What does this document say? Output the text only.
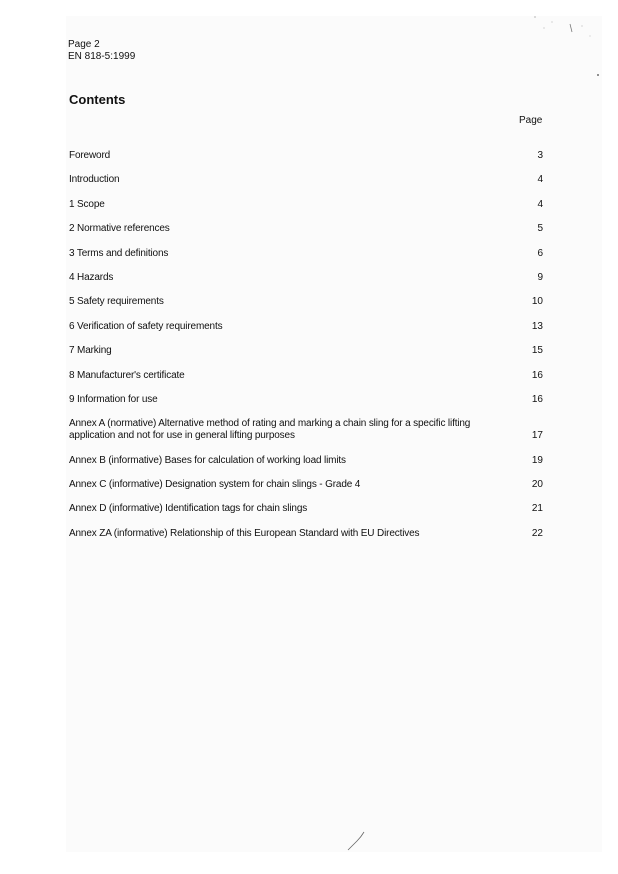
Page 2
EN 818-5:1999
Contents
Page
Foreword	3
Introduction	4
1 Scope	4
2 Normative references	5
3 Terms and definitions	6
4 Hazards	9
5 Safety requirements	10
6 Verification of safety requirements	13
7 Marking	15
8 Manufacturer's certificate	16
9 Information for use	16
Annex A (normative) Alternative method of rating and marking a chain sling for a specific lifting application and not for use in general lifting purposes	17
Annex B (informative) Bases for calculation of working load limits	19
Annex C (informative) Designation system for chain slings - Grade 4	20
Annex D (informative) Identification tags for chain slings	21
Annex ZA (informative) Relationship of this European Standard with EU Directives	22
